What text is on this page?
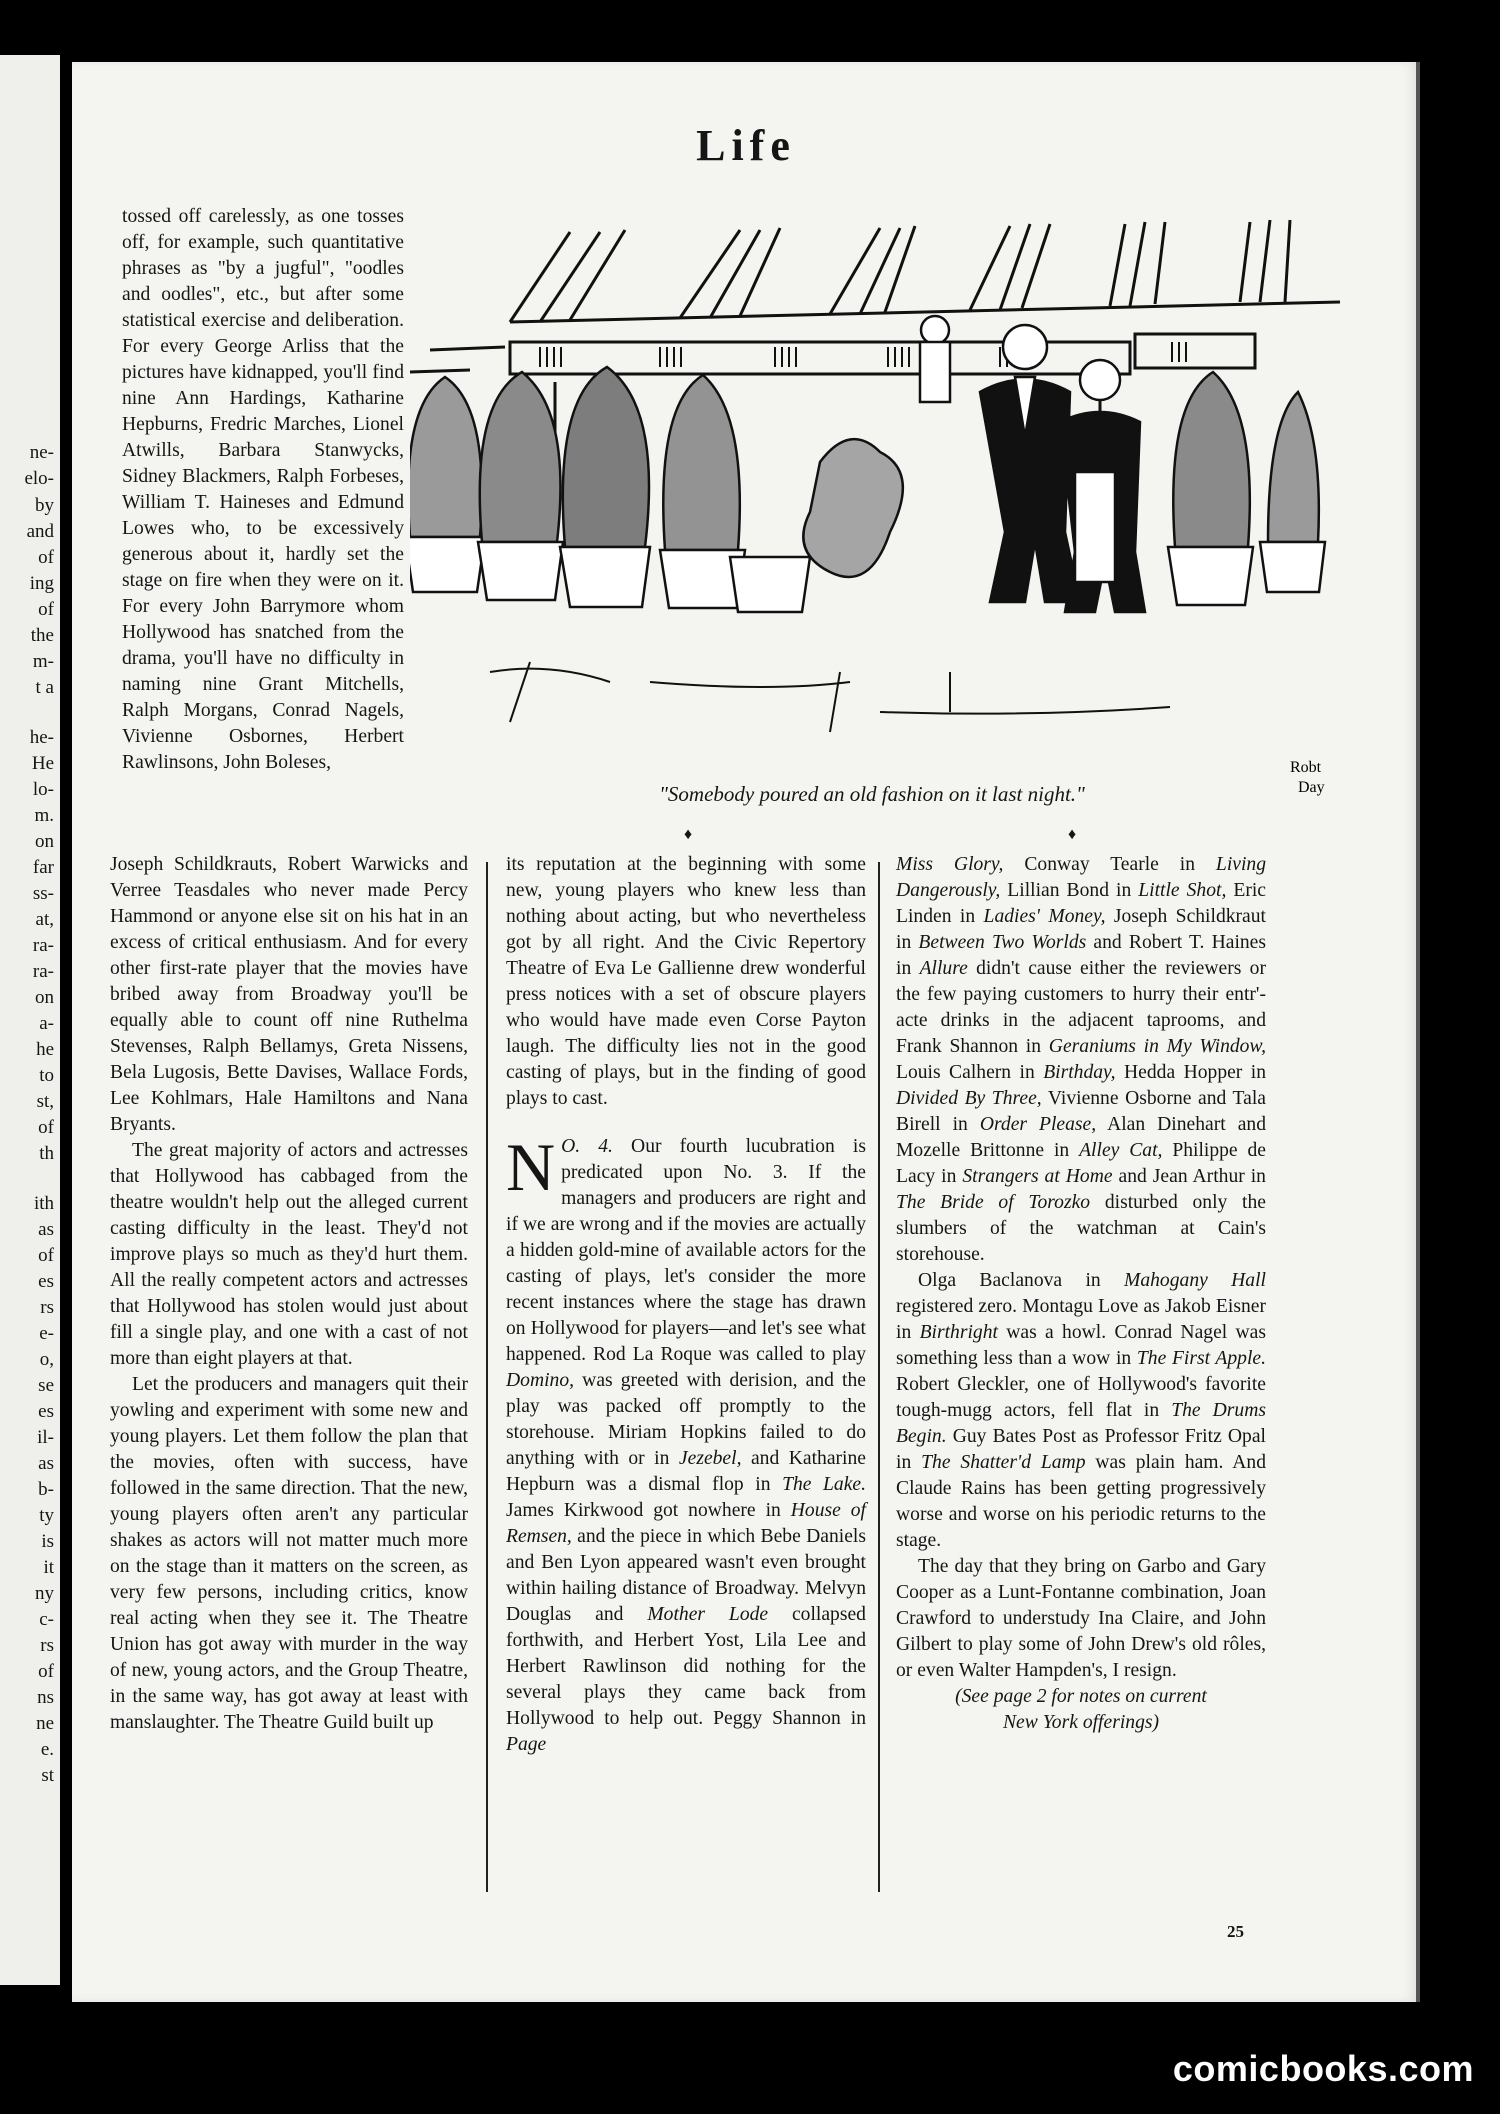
ne-
elo-
by
and
of
ing
of
the
m-
t a
he-
He
lo-
m.
on
far
ss-
at,
ra-
ra-
on
a-
he
to
st,
of
th
ith
as
of
es
rs
e-
o,
se
es
il-
as
b-
ty
is
it
ny
c-
rs
of
ns
ne
e.
st
Life

tossed off carelessly, as one tosses off, for example, such quantitative phrases as "by a jugful", "oodles and oodles", etc., but after some statistical exercise and deliberation. For every George Arliss that the pictures have kidnapped, you'll find nine Ann Hardings, Katharine Hepburns, Fredric Marches, Lionel Atwills, Barbara Stanwycks, Sidney Blackmers, Ralph Forbeses, William T. Haineses and Edmund Lowes who, to be excessively generous about it, hardly set the stage on fire when they were on it. For every John Barrymore whom Hollywood has snatched from the drama, you'll have no difficulty in naming nine Grant Mitchells, Ralph Morgans, Conrad Nagels, Vivienne Osbornes, Herbert Rawlinsons, John Boleses,	Robt
Day
"Somebody poured an old fashion on it last night."
♦	♦

Joseph Schildkrauts, Robert Warwicks and Verree Teasdales who never made Percy Hammond or anyone else sit on his hat in an excess of critical enthusiasm. And for every other first-rate player that the movies have bribed away from Broadway you'll be equally able to count off nine Ruthelma Stevenses, Ralph Bellamys, Greta Nissens, Bela Lugosis, Bette Davises, Wallace Fords, Lee Kohlmars, Hale Hamiltons and Nana Bryants.

The great majority of actors and actresses that Hollywood has cabbaged from the theatre wouldn't help out the alleged current casting difficulty in the least. They'd not improve plays so much as they'd hurt them. All the really competent actors and actresses that Hollywood has stolen would just about fill a single play, and one with a cast of not more than eight players at that.

Let the producers and managers quit their yowling and experiment with some new and young players. Let them follow the plan that the movies, often with success, have followed in the same direction. That the new, young players often aren't any particular shakes as actors will not matter much more on the stage than it matters on the screen, as very few persons, including critics, know real acting when they see it. The Theatre Union has got away with murder in the way of new, young actors, and the Group Theatre, in the same way, has got away at least with manslaughter. The Theatre Guild built up

its reputation at the beginning with some new, young players who knew less than nothing about acting, but who nevertheless got by all right. And the Civic Repertory Theatre of Eva Le Gallienne drew wonderful press notices with a set of obscure players who would have made even Corse Payton laugh. The difficulty lies not in the good casting of plays, but in the finding of good plays to cast.

N O. 4. Our fourth lucubration is predicated upon No. 3. If the managers and producers are right and if we are wrong and if the movies are actually a hidden gold-mine of available actors for the casting of plays, let's consider the more recent instances where the stage has drawn on Hollywood for players—and let's see what happened. Rod La Roque was called to play Domino, was greeted with derision, and the play was packed off promptly to the storehouse. Miriam Hopkins failed to do anything with or in Jezebel, and Katharine Hepburn was a dismal flop in The Lake. James Kirkwood got nowhere in House of Remsen, and the piece in which Bebe Daniels and Ben Lyon appeared wasn't even brought within hailing distance of Broadway. Melvyn Douglas and Mother Lode collapsed forthwith, and Herbert Yost, Lila Lee and Herbert Rawlinson did nothing for the several plays they came back from Hollywood to help out. Peggy Shannon in Page

Miss Glory, Conway Tearle in Living Dangerously, Lillian Bond in Little Shot, Eric Linden in Ladies' Money, Joseph Schildkraut in Between Two Worlds and Robert T. Haines in Allure didn't cause either the reviewers or the few paying customers to hurry their entr'-acte drinks in the adjacent taprooms, and Frank Shannon in Geraniums in My Window, Louis Calhern in Birthday, Hedda Hopper in Divided By Three, Vivienne Osborne and Tala Birell in Order Please, Alan Dinehart and Mozelle Brittonne in Alley Cat, Philippe de Lacy in Strangers at Home and Jean Arthur in The Bride of Torozko disturbed only the slumbers of the watchman at Cain's storehouse.

Olga Baclanova in Mahogany Hall registered zero. Montagu Love as Jakob Eisner in Birthright was a howl. Conrad Nagel was something less than a wow in The First Apple. Robert Gleckler, one of Hollywood's favorite tough-mugg actors, fell flat in The Drums Begin. Guy Bates Post as Professor Fritz Opal in The Shatter'd Lamp was plain ham. And Claude Rains has been getting progressively worse and worse on his periodic returns to the stage.

The day that they bring on Garbo and Gary Cooper as a Lunt-Fontanne combination, Joan Crawford to understudy Ina Claire, and John Gilbert to play some of John Drew's old rôles, or even Walter Hampden's, I resign.

(See page 2 for notes on current
New York offerings)
25
comicbooks.com
